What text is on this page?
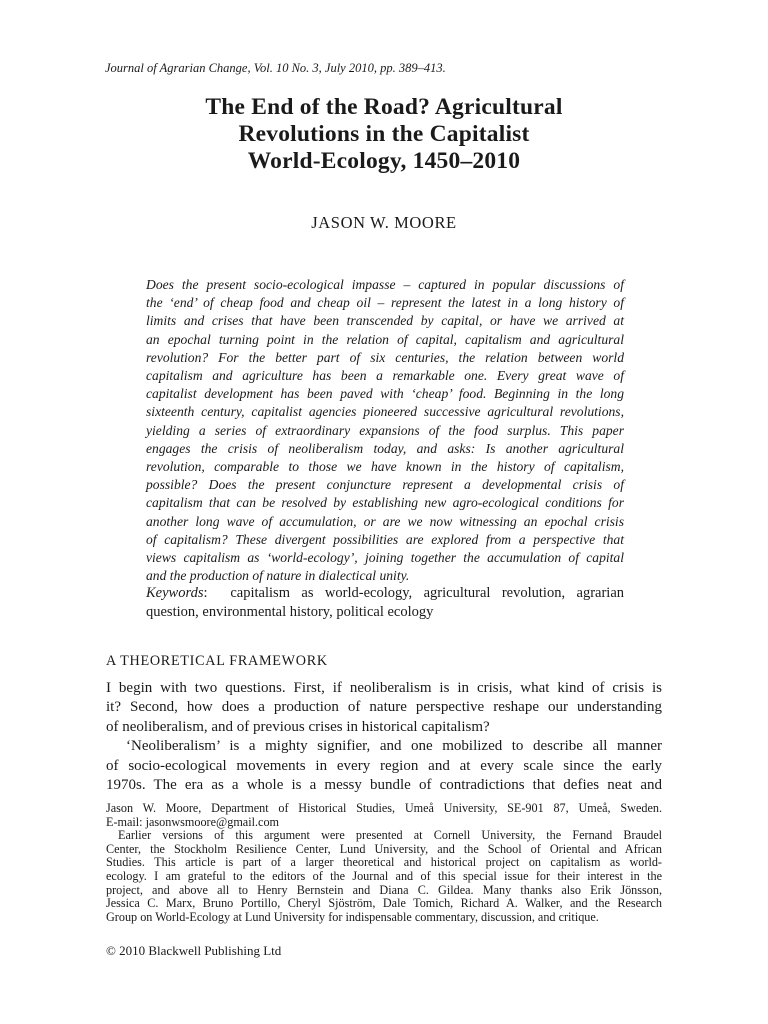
Journal of Agrarian Change, Vol. 10 No. 3, July 2010, pp. 389–413.
The End of the Road? Agricultural
Revolutions in the Capitalist
World-Ecology, 1450–2010
JASON W. MOORE
Does the present socio-ecological impasse – captured in popular discussions of
the ‘end’ of cheap food and cheap oil – represent the latest in a long history of
limits and crises that have been transcended by capital, or have we arrived at
an epochal turning point in the relation of capital, capitalism and agricultural
revolution? For the better part of six centuries, the relation between world
capitalism and agriculture has been a remarkable one. Every great wave of
capitalist development has been paved with ‘cheap’ food. Beginning in the long
sixteenth century, capitalist agencies pioneered successive agricultural revolutions,
yielding a series of extraordinary expansions of the food surplus. This paper
engages the crisis of neoliberalism today, and asks: Is another agricultural
revolution, comparable to those we have known in the history of capitalism,
possible? Does the present conjuncture represent a developmental crisis of
capitalism that can be resolved by establishing new agro-ecological conditions for
another long wave of accumulation, or are we now witnessing an epochal crisis
of capitalism? These divergent possibilities are explored from a perspective that
views capitalism as ‘world-ecology’, joining together the accumulation of capital
and the production of nature in dialectical unity.
Keywords:  capitalism as world-ecology, agricultural revolution, agrarian
question, environmental history, political ecology
A THEORETICAL FRAMEWORK
I begin with two questions. First, if neoliberalism is in crisis, what kind of crisis is
it? Second, how does a production of nature perspective reshape our understanding
of neoliberalism, and of previous crises in historical capitalism?
‘Neoliberalism’ is a mighty signifier, and one mobilized to describe all manner
of socio-ecological movements in every region and at every scale since the early
1970s. The era as a whole is a messy bundle of contradictions that defies neat and
Jason W. Moore, Department of Historical Studies, Umeå University, SE-901 87, Umeå, Sweden.
E-mail: jasonwsmoore@gmail.com
Earlier versions of this argument were presented at Cornell University, the Fernand Braudel
Center, the Stockholm Resilience Center, Lund University, and the School of Oriental and African
Studies. This article is part of a larger theoretical and historical project on capitalism as world-
ecology. I am grateful to the editors of the Journal and of this special issue for their interest in the
project, and above all to Henry Bernstein and Diana C. Gildea. Many thanks also Erik Jönsson,
Jessica C. Marx, Bruno Portillo, Cheryl Sjöström, Dale Tomich, Richard A. Walker, and the Research
Group on World-Ecology at Lund University for indispensable commentary, discussion, and critique.
© 2010 Blackwell Publishing Ltd
